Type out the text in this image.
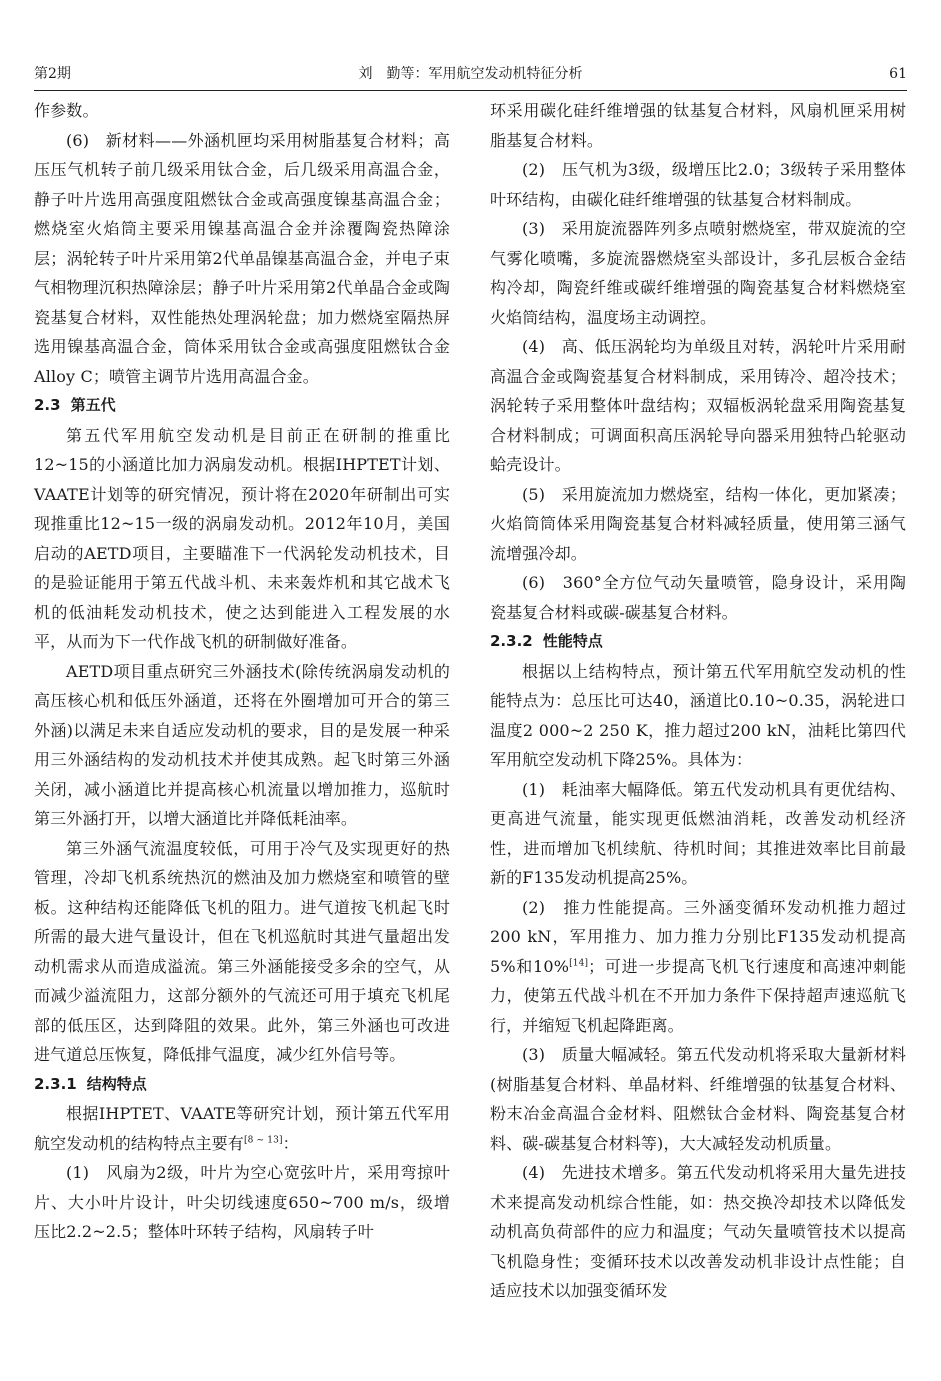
第2期	刘　勤等：军用航空发动机特征分析	61

作参数。

(6)　新材料——外涵机匣均采用树脂基复合材料；高压压气机转子前几级采用钛合金，后几级采用高温合金，静子叶片选用高强度阻燃钛合金或高强度镍基高温合金；燃烧室火焰筒主要采用镍基高温合金并涂覆陶瓷热障涂层；涡轮转子叶片采用第2代单晶镍基高温合金，并电子束气相物理沉积热障涂层；静子叶片采用第2代单晶合金或陶瓷基复合材料，双性能热处理涡轮盘；加力燃烧室隔热屏选用镍基高温合金，筒体采用钛合金或高强度阻燃钛合金Alloy C；喷管主调节片选用高温合金。

2.3 第五代

第五代军用航空发动机是目前正在研制的推重比12~15的小涵道比加力涡扇发动机。根据IHPTET计划、VAATE计划等的研究情况，预计将在2020年研制出可实现推重比12~15一级的涡扇发动机。2012年10月，美国启动的AETD项目，主要瞄准下一代涡轮发动机技术，目的是验证能用于第五代战斗机、未来轰炸机和其它战术飞机的低油耗发动机技术，使之达到能进入工程发展的水平，从而为下一代作战飞机的研制做好准备。

AETD项目重点研究三外涵技术(除传统涡扇发动机的高压核心机和低压外涵道，还将在外圈增加可开合的第三外涵)以满足未来自适应发动机的要求，目的是发展一种采用三外涵结构的发动机技术并使其成熟。起飞时第三外涵关闭，减小涵道比并提高核心机流量以增加推力，巡航时第三外涵打开，以增大涵道比并降低耗油率。

第三外涵气流温度较低，可用于冷气及实现更好的热管理，冷却飞机系统热沉的燃油及加力燃烧室和喷管的壁板。这种结构还能降低飞机的阻力。进气道按飞机起飞时所需的最大进气量设计，但在飞机巡航时其进气量超出发动机需求从而造成溢流。第三外涵能接受多余的空气，从而减少溢流阻力，这部分额外的气流还可用于填充飞机尾部的低压区，达到降阻的效果。此外，第三外涵也可改进进气道总压恢复，降低排气温度，减少红外信号等。

2.3.1 结构特点

根据IHPTET、VAATE等研究计划，预计第五代军用航空发动机的结构特点主要有[8 ~ 13]：

(1)　风扇为2级，叶片为空心宽弦叶片，采用弯掠叶片、大小叶片设计，叶尖切线速度650~700 m/s，级增压比2.2~2.5；整体叶环转子结构，风扇转子叶

环采用碳化硅纤维增强的钛基复合材料，风扇机匣采用树脂基复合材料。

(2)　压气机为3级，级增压比2.0；3级转子采用整体叶环结构，由碳化硅纤维增强的钛基复合材料制成。

(3)　采用旋流器阵列多点喷射燃烧室，带双旋流的空气雾化喷嘴，多旋流器燃烧室头部设计，多孔层板合金结构冷却，陶瓷纤维或碳纤维增强的陶瓷基复合材料燃烧室火焰筒结构，温度场主动调控。

(4)　高、低压涡轮均为单级且对转，涡轮叶片采用耐高温合金或陶瓷基复合材料制成，采用铸冷、超冷技术；涡轮转子采用整体叶盘结构；双辐板涡轮盘采用陶瓷基复合材料制成；可调面积高压涡轮导向器采用独特凸轮驱动蛤壳设计。

(5)　采用旋流加力燃烧室，结构一体化，更加紧凑；火焰筒筒体采用陶瓷基复合材料减轻质量，使用第三涵气流增强冷却。

(6)　360°全方位气动矢量喷管，隐身设计，采用陶瓷基复合材料或碳-碳基复合材料。

2.3.2 性能特点

根据以上结构特点，预计第五代军用航空发动机的性能特点为：总压比可达40，涵道比0.10~0.35，涡轮进口温度2 000~2 250 K，推力超过200 kN，油耗比第四代军用航空发动机下降25%。具体为：

(1)　耗油率大幅降低。第五代发动机具有更优结构、更高进气流量，能实现更低燃油消耗，改善发动机经济性，进而增加飞机续航、待机时间；其推进效率比目前最新的F135发动机提高25%。

(2)　推力性能提高。三外涵变循环发动机推力超过200 kN，军用推力、加力推力分别比F135发动机提高5%和10%[14]；可进一步提高飞机飞行速度和高速冲刺能力，使第五代战斗机在不开加力条件下保持超声速巡航飞行，并缩短飞机起降距离。

(3)　质量大幅减轻。第五代发动机将采取大量新材料(树脂基复合材料、单晶材料、纤维增强的钛基复合材料、粉末冶金高温合金材料、阻燃钛合金材料、陶瓷基复合材料、碳-碳基复合材料等)，大大减轻发动机质量。

(4)　先进技术增多。第五代发动机将采用大量先进技术来提高发动机综合性能，如：热交换冷却技术以降低发动机高负荷部件的应力和温度；气动矢量喷管技术以提高飞机隐身性；变循环技术以改善发动机非设计点性能；自适应技术以加强变循环发
